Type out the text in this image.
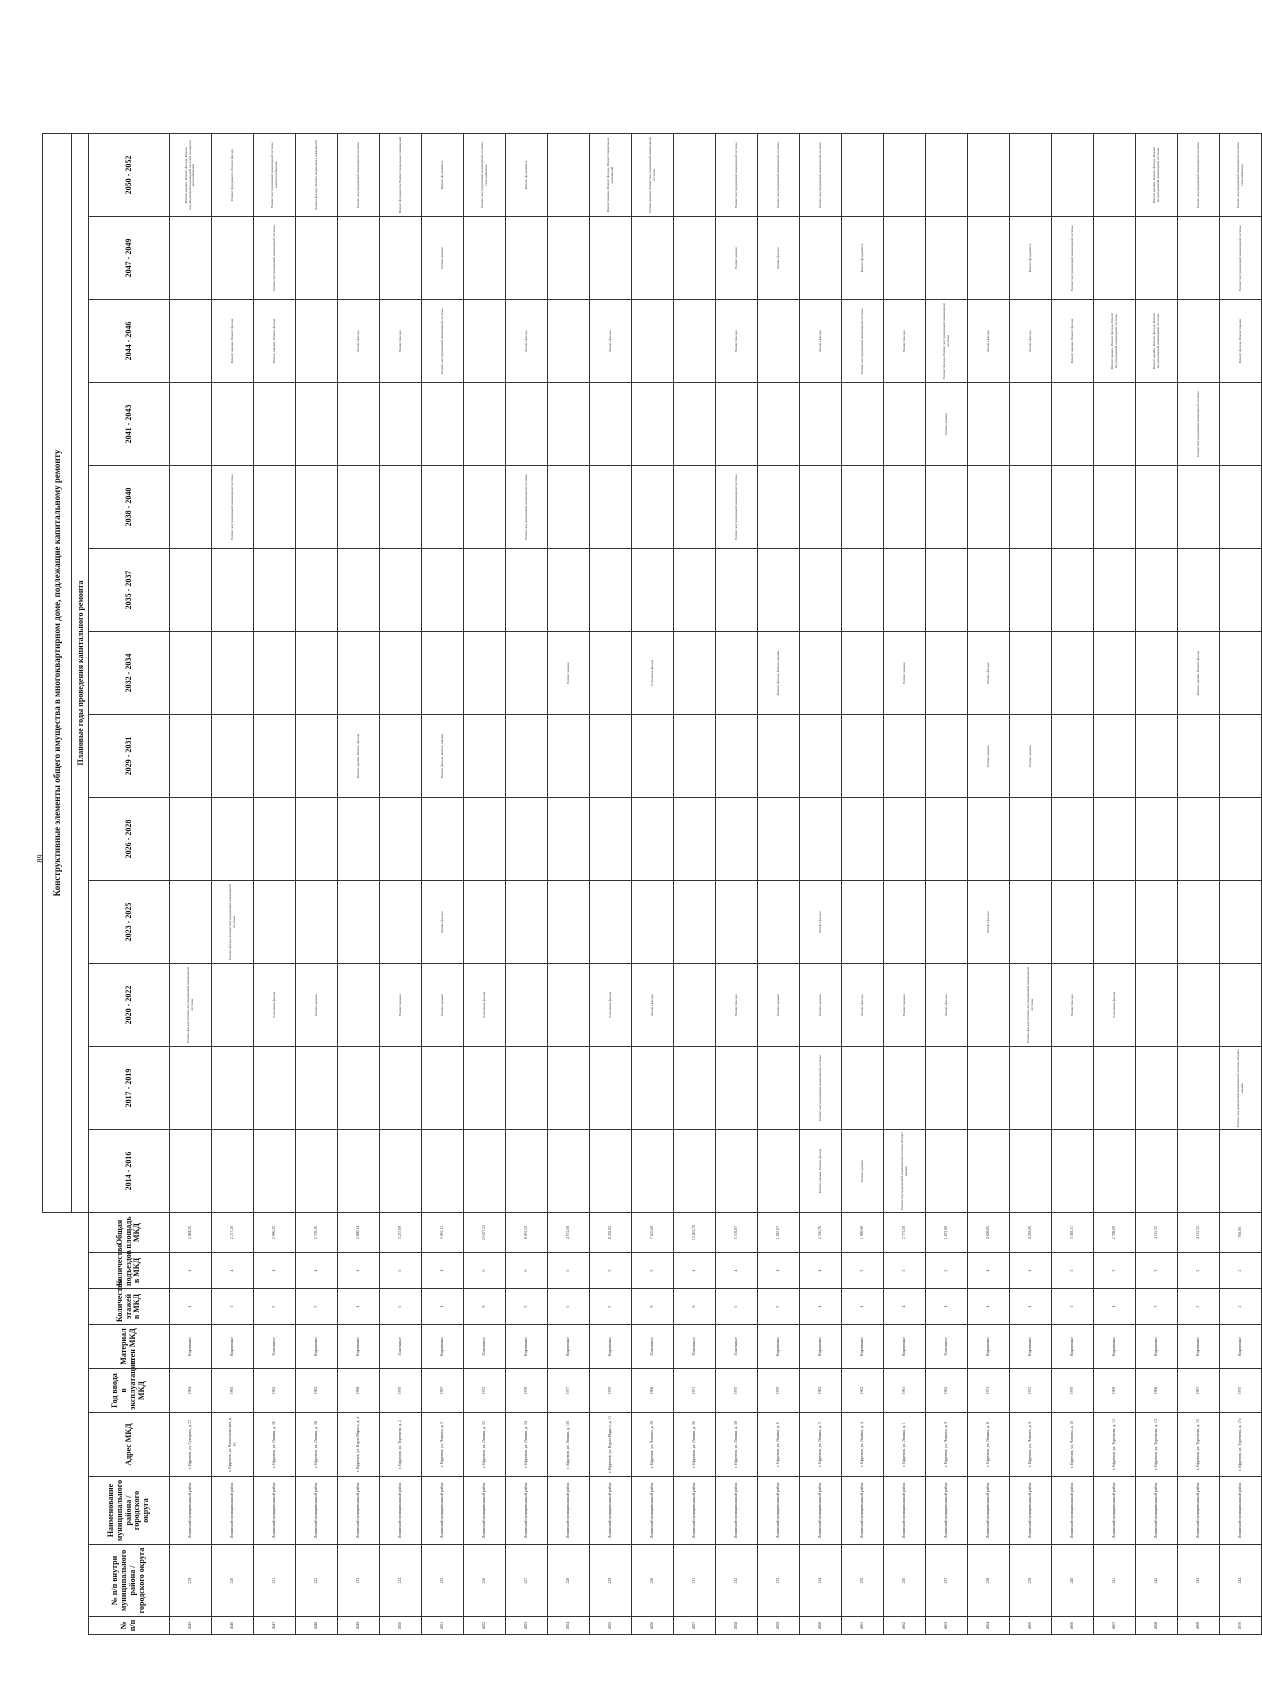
89
									Конструктивные элементы общего имущества в многоквартирном доме, подлежащие капитальному ремонту												
									Плановые годы проведения капитального ремонта												
№ п/п	№ п/п внутри муниципального района / городского округа	Наименование муниципального района / городского округа	Адрес МКД	Год ввода в эксплуатацию МКД	Материал стен МКД	Количество этажей в МКД	Количество подъездов в МКД	Общая площадь МКД	2014 - 2016	2017 - 2019	2020 - 2022	2023 - 2025	2026 - 2028	2029 - 2031	2032 - 2034	2035 - 2037	2038 - 2040	2041 - 2043	2044 - 2046	2047 - 2049	2050 - 2052
4645	219	Ленинский муниципальный район	г. Ефремов, ул. Суворова, д. 27	1964	Кирпичные	4	4	2 884,55			Ремонт фасада, Ремонт внутридомовой инженерной системы										Ремонт крыши, Ремонт фасада, Ремонт внутридомовой инженерной системы холодного водоснабжения
4646	220	Ленинский муниципальный район	г. Ефремов, ул. Комсомольская, д. 16	1965	Кирпичные	3	4	2 217,20				Ремонт фасада, Ремонт внутридомовой инженерной системы					Ремонт внутридомовой инженерной системы		Ремонт крыши, Ремонт фасада		Ремонт фундамента, Ремонт фасада
4647	221	Ленинский муниципальный район	г. Ефремов, ул. Ленина, д. 36	1962	Панельные	5	4	2 996,25			Утепление фасада								Ремонт крыши, Ремонт фасада	Ремонт внутридомовой инженерной системы	Ремонт внутридомовой инженерной системы электроснабжения
4648	222	Ленинский муниципальный район	г. Ефремов, ул. Ленина, д. 38	1963	Кирпичные	5	4	2 703,30			Ремонт крыши										Ремонт фасада, Ремонт подвальных помещений
4649	223	Ленинский муниципальный район	г. Ефремов, ул. Карла Маркса, д. 4	1968	Кирпичные	4	4	2 880,34						Ремонт крыши, Ремонт фасада					Ремонт фасада		Ремонт внутридомовой инженерной системы
4650	224	Ленинский муниципальный район	г. Ефремов, ул. Тургенева, д. 2	1970	Панельные	5	5	3 257,69			Ремонт крыши								Ремонт фасада		Ремонт фундамента, Ремонт подвальных помещений
4651	225	Ленинский муниципальный район	г. Ефремов, ул. Чапаева, д. 5	1967	Кирпичные	4	4	3 091,12			Ремонт крыши	Ремонт фасада		Ремонт фасада, Ремонт крыши					Ремонт внутридомовой инженерной системы	Ремонт крыши	Ремонт фундамента
4652	226	Ленинский муниципальный район	г. Ефремов, ул. Ленина, д. 33	1972	Панельные	9	6	23 877,22			Утепление фасада										Ремонт внутридомовой инженерной системы газоснабжения
4653	227	Ленинский муниципальный район	г. Ефремов, ул. Ленина, д. 34	1978	Кирпичные	5	6	8 691,53									Ремонт внутридомовой инженерной системы		Ремонт фасада		Ремонт фундамента
4654	228	Ленинский муниципальный район	г. Ефремов, ул. Ленина, д. 101	1977	Кирпичные	5	5	4 572,60							Ремонт крыши						
4655	229	Ленинский муниципальный район	г. Ефремов, ул. Карла Маркса, д. 11	1970	Кирпичные	5	5	8 203,92			Утепление фасада								Ремонт фасада		Ремонт крыши, Ремонт фасада, Ремонт подвальных помещений
4656	230	Ленинский муниципальный район	г. Ефремов, ул. Чапаева, д. 20	1968	Панельные	9	5	7 625,60			Ремонт фасада				Утепление фасада						Ремонт крыши, Ремонт внутридомовой инженерной системы
4657	231	Ленинский муниципальный район	г. Ефремов, ул. Ленина, д. 36	1971	Панельные	9	4	13 463,70													
4658	232	Ленинский муниципальный район	г. Ефремов, ул. Ленина, д. 38	1975	Панельные	5	4	5 103,87			Ремонт фасада						Ремонт внутридомовой инженерной системы		Ремонт фасада	Ремонт крыши	Ремонт внутридомовой инженерной системы
4659	233	Ленинский муниципальный район	г. Ефремов, ул. Ленина, д. 6	1970	Кирпичные	5	4	1 847,07			Ремонт крыши				Ремонт фасада, Ремонт крыши					Ремонт фасада	Ремонт внутридомовой инженерной системы
4660	234	Ленинский муниципальный район	г. Ефремов, ул. Ленина, д. 3	1963	Кирпичные	4	4	2 336,76	Ремонт крыши, Ремонт фасада	Ремонт внутридомовой инженерной системы	Ремонт крыши	Ремонт фасада							Ремонт фасада		Ремонт внутридомовой инженерной системы
4661	235	Ленинский муниципальный район	г. Ефремов, ул. Ленина, д. 4	1962	Кирпичные	4	3	1 989,90	Ремонт крыши		Ремонт фасада								Ремонт внутридомовой инженерной системы	Ремонт фундамента	
4662	236	Ленинский муниципальный район	г. Ефремов, ул. Ленина, д. 1	1961	Кирпичные	4	3	2 773,50	Ремонт внутридомовой инженерной системы, Ремонт крыши		Ремонт крыши				Ремонт крыши				Ремонт фасада		
4663	237	Ленинский муниципальный район	г. Ефремов, ул. Чапаева, д. 9	1962	Панельные	4	2	1 872,90			Ремонт фасада							Ремонт крыши	Ремонт фасада, Ремонт внутридомовой инженерной системы		
4664	238	Ленинский муниципальный район	г. Ефремов, ул. Ленина, д. 8	1973	Кирпичные	4	4	4 609,85				Ремонт фасада		Ремонт крыши	Ремонт фасада				Ремонт фасада		
4665	239	Ленинский муниципальный район	г. Ефремов, ул. Чапаева, д. 9	1972	Кирпичные	4	4	4 283,95			Ремонт фасада, Ремонт внутридомовой инженерной системы			Ремонт крыши					Ремонт фасада	Ремонт фундамента	
4666	240	Ленинский муниципальный район	г. Ефремов, ул. Чапаева, д. 10	1970	Кирпичные	3	3	3 383,31			Ремонт фасада								Ремонт крыши, Ремонт фасада	Ремонт внутридомовой инженерной системы	
4667	241	Ленинский муниципальный район	г. Ефремов, ул. Тургенева, д. 12	1969	Кирпичные	4	3	2 789,05			Утепление фасада								Ремонт крыши, Ремонт фасада, Ремонт внутридомовой инженерной системы		
4668	242	Ленинский муниципальный район	г. Ефремов, ул. Тургенева, д. 13	1968	Кирпичные	3	3	4 161,52											Ремонт крыши, Ремонт фасада, Ремонт внутридомовой инженерной системы		Ремонт крыши, Ремонт фасада, Ремонт внутридомовой инженерной системы
4669	243	Ленинский муниципальный район	г. Ефремов, ул. Тургенева, д. 15	1967	Кирпичные	2	2	4 161,52							Ремонт крыши, Ремонт фасада			Ремонт внутридомовой инженерной системы			Ремонт внутридомовой инженерной системы
4670	244	Ленинский муниципальный район	г. Ефремов, ул. Тургенева, д. 17а	1975	Кирпичные	2	2	768,00		Ремонт внутридомовой инженерной системы, Ремонт крыши									Ремонт фасада, Ремонт крыши	Ремонт внутридомовой инженерной системы	Ремонт внутридомовой инженерной системы газоснабжения
